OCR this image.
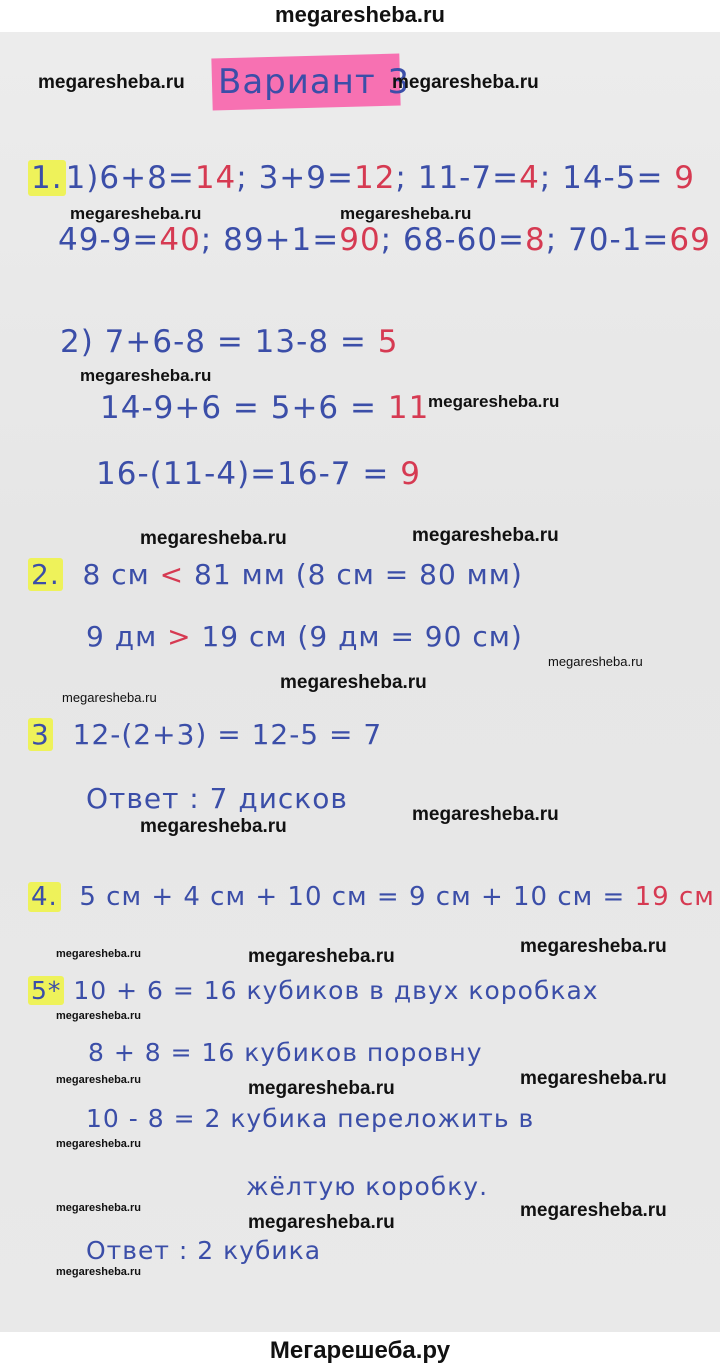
megaresheba.ru
Вариант 3
1.1)6+8=14; 3+9=12; 11-7=4; 14-5= 9
49-9=40; 89+1=90; 68-60=8; 70-1=69
2) 7+6-8 = 13-8 = 5
14-9+6 = 5+6 = 11
16-(11-4)=16-7 = 9
2. 8 см < 81 мм (8 см = 80 мм)
9 дм > 19 см (9 дм = 90 см)
3 12-(2+3) = 12-5 = 7
Ответ : 7 дисков
4. 5 см + 4 см + 10 см = 9 см + 10 см = 19 см
5* 10 + 6 = 16 кубиков в двух коробках
8 + 8 = 16 кубиков поровну
10 - 8 = 2 кубика переложить в
жёлтую коробку.
Ответ : 2 кубика
megaresheba.ru	megaresheba.ru
megaresheba.ru	megaresheba.ru
megaresheba.ru
megaresheba.ru
megaresheba.ru	megaresheba.ru
megaresheba.ru
megaresheba.ru
megaresheba.ru
megaresheba.ru
megaresheba.ru
megaresheba.ru	megaresheba.ru	megaresheba.ru
megaresheba.ru
megaresheba.ru	megaresheba.ru	megaresheba.ru
megaresheba.ru
megaresheba.ru
megaresheba.ru
megaresheba.ru
megaresheba.ru
Мегарешеба.ру
